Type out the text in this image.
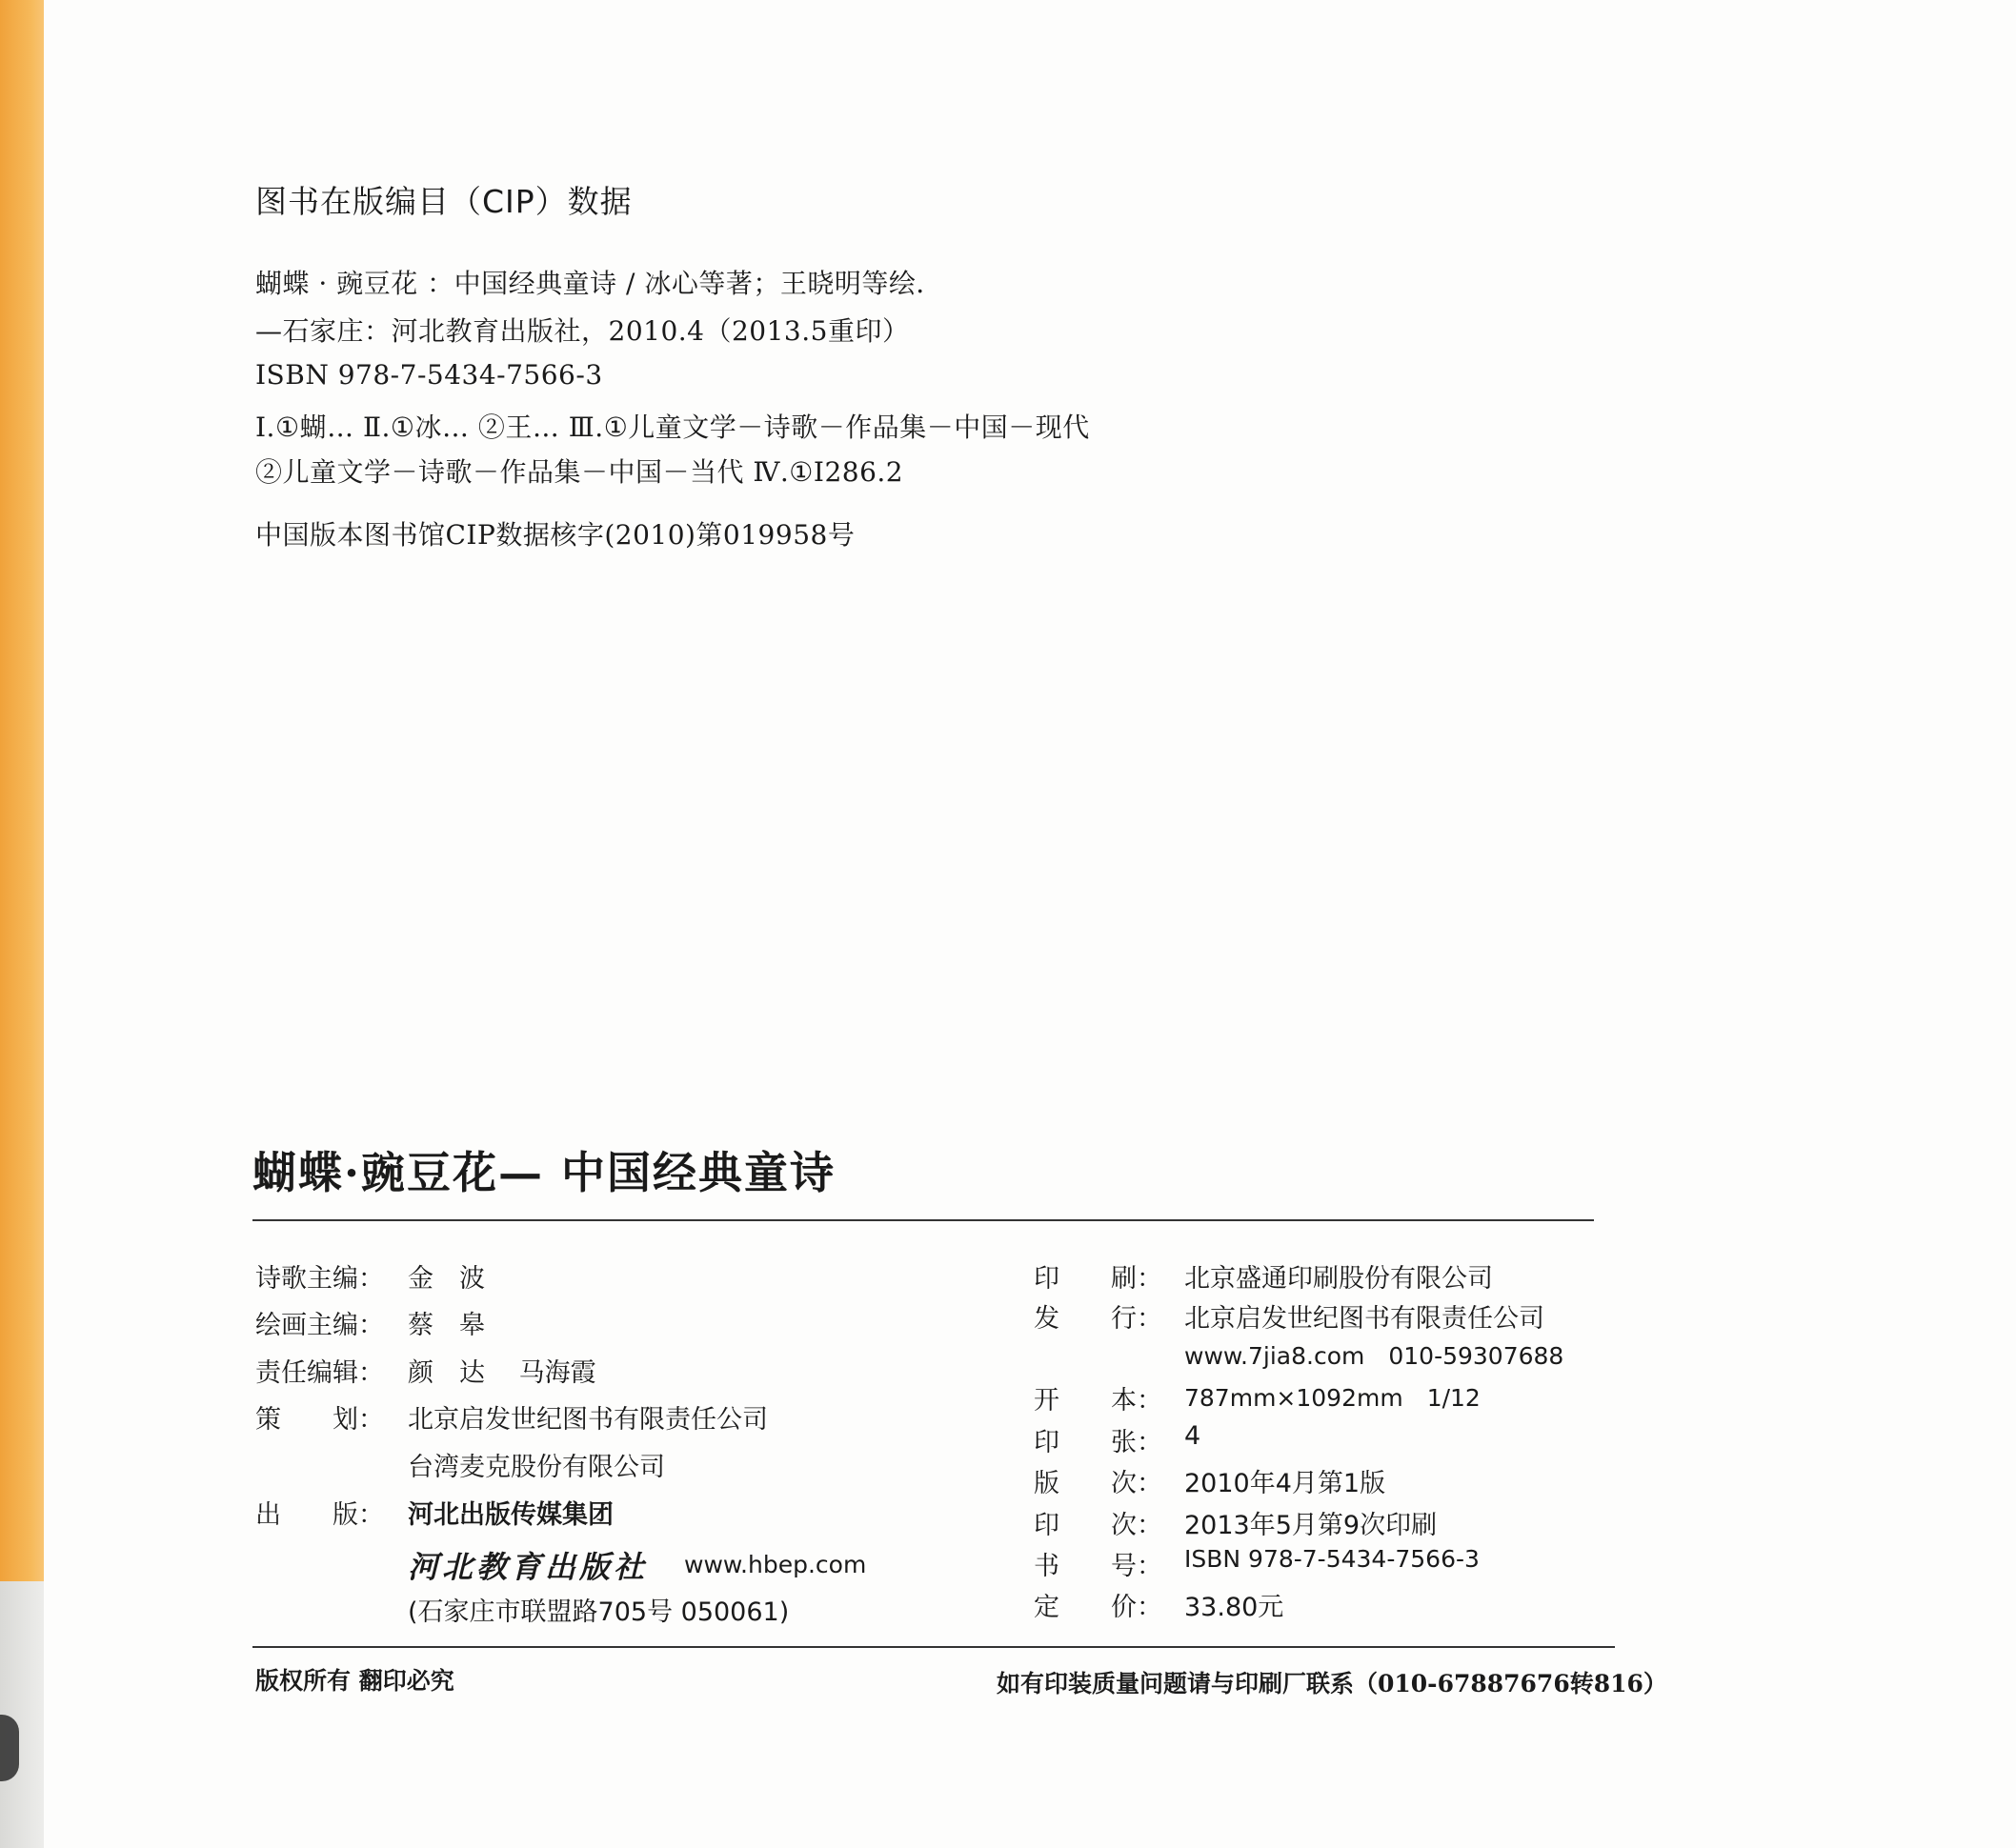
图书在版编目（CIP）数据
蝴蝶 · 豌豆花 ：中国经典童诗 / 冰心等著；王晓明等绘．
—石家庄：河北教育出版社，2010.4（2013.5重印）
ISBN 978-7-5434-7566-3
Ⅰ.①蝴… Ⅱ.①冰… ②王… Ⅲ.①儿童文学－诗歌－作品集－中国－现代
②儿童文学－诗歌－作品集－中国－当代 Ⅳ.①I286.2
中国版本图书馆CIP数据核字(2010)第019958号
蝴蝶·豌豆花— 中国经典童诗
诗歌主编： 金　波
绘画主编： 蔡　皋
责任编辑： 颜　达　 马海霞
策　　划： 北京启发世纪图书有限责任公司
台湾麦克股份有限公司
出　　版： 河北出版传媒集团
河北教育出版社 www.hbep.com
(石家庄市联盟路705号 050061)
印　　刷： 北京盛通印刷股份有限公司
发　　行： 北京启发世纪图书有限责任公司
www.7jia8.com　010-59307688
开　　本： 787mm×1092mm　1/12
印　　张： 4
版　　次： 2010年4月第1版
印　　次： 2013年5月第9次印刷
书　　号： ISBN 978-7-5434-7566-3
定　　价： 33.80元
版权所有 翻印必究	如有印装质量问题请与印刷厂联系（010-67887676转816）
